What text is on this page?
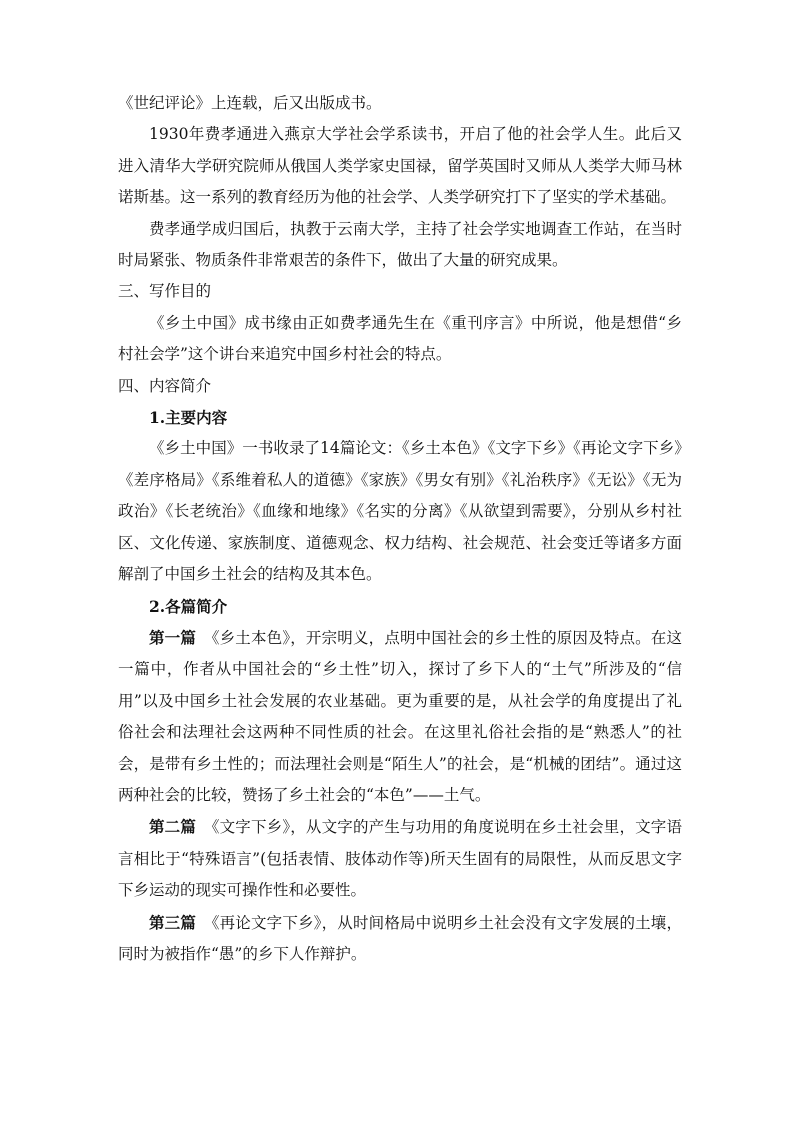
《世纪评论》上连载，后又出版成书。

1930年费孝通进入燕京大学社会学系读书，开启了他的社会学人生。此后又进入清华大学研究院师从俄国人类学家史国禄，留学英国时又师从人类学大师马林诺斯基。这一系列的教育经历为他的社会学、人类学研究打下了坚实的学术基础。

费孝通学成归国后，执教于云南大学，主持了社会学实地调查工作站，在当时时局紧张、物质条件非常艰苦的条件下，做出了大量的研究成果。

三、写作目的

《乡土中国》成书缘由正如费孝通先生在《重刊序言》中所说，他是想借“乡村社会学”这个讲台来追究中国乡村社会的特点。

四、内容简介

1.主要内容

《乡土中国》一书收录了14篇论文：《乡土本色》《文字下乡》《再论文字下乡》《差序格局》《系维着私人的道德》《家族》《男女有别》《礼治秩序》《无讼》《无为政治》《长老统治》《血缘和地缘》《名实的分离》《从欲望到需要》，分别从乡村社区、文化传递、家族制度、道德观念、权力结构、社会规范、社会变迁等诸多方面解剖了中国乡土社会的结构及其本色。

2.各篇简介

第一篇　《乡土本色》，开宗明义，点明中国社会的乡土性的原因及特点。在这一篇中，作者从中国社会的“乡土性”切入，探讨了乡下人的“土气”所涉及的“信用”以及中国乡土社会发展的农业基础。更为重要的是，从社会学的角度提出了礼俗社会和法理社会这两种不同性质的社会。在这里礼俗社会指的是“熟悉人”的社会，是带有乡土性的；而法理社会则是“陌生人”的社会，是“机械的团结”。通过这两种社会的比较，赞扬了乡土社会的“本色”——土气。

第二篇　《文字下乡》，从文字的产生与功用的角度说明在乡土社会里，文字语言相比于“特殊语言”(包括表情、肢体动作等)所天生固有的局限性，从而反思文字下乡运动的现实可操作性和必要性。

第三篇　《再论文字下乡》，从时间格局中说明乡土社会没有文字发展的土壤，同时为被指作“愚”的乡下人作辩护。
